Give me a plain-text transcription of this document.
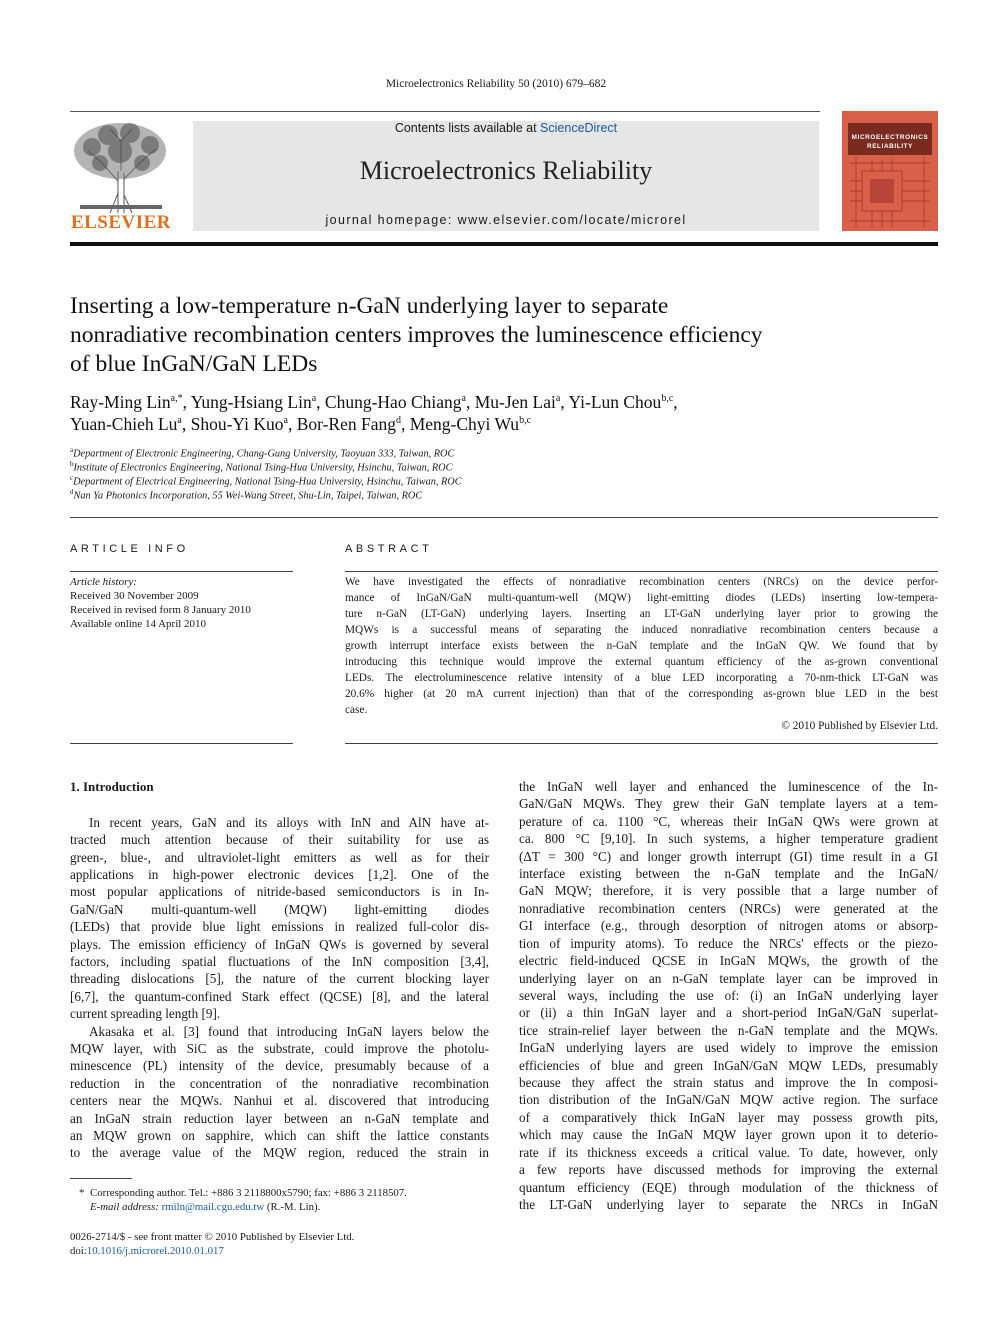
Microelectronics Reliability 50 (2010) 679–682
ELSEVIER
Contents lists available at ScienceDirect
Microelectronics Reliability
journal homepage: www.elsevier.com/locate/microrel
MICROELECTRONICS
RELIABILITY
Inserting a low-temperature n-GaN underlying layer to separate
nonradiative recombination centers improves the luminescence efficiency
of blue InGaN/GaN LEDs
Ray-Ming Lin$^{a,*}$, Yung-Hsiang Lin$^a$, Chung-Hao Chiang$^a$, Mu-Jen Lai$^a$, Yi-Lun Chou$^{b,c}$,
Yuan-Chieh Lu$^a$, Shou-Yi Kuo$^a$, Bor-Ren Fang$^d$, Meng-Chyi Wu$^{b,c}$
$^a$Department of Electronic Engineering, Chang-Gung University, Taoyuan 333, Taiwan, ROC
$^b$Institute of Electronics Engineering, National Tsing-Hua University, Hsinchu, Taiwan, ROC
$^c$Department of Electrical Engineering, National Tsing-Hua University, Hsinchu, Taiwan, ROC
$^d$Nan Ya Photonics Incorporation, 55 Wei-Wang Street, Shu-Lin, Taipei, Taiwan, ROC
ARTICLE INFO
Article history:
Received 30 November 2009
Received in revised form 8 January 2010
Available online 14 April 2010
ABSTRACT
We have investigated the effects of nonradiative recombination centers (NRCs) on the device perfor-
mance of InGaN/GaN multi-quantum-well (MQW) light-emitting diodes (LEDs) inserting low-tempera-
ture n-GaN (LT-GaN) underlying layers. Inserting an LT-GaN underlying layer prior to growing the
MQWs is a successful means of separating the induced nonradiative recombination centers because a
growth interrupt interface exists between the n-GaN template and the InGaN QW. We found that by
introducing this technique would improve the external quantum efficiency of the as-grown conventional
LEDs. The electroluminescence relative intensity of a blue LED incorporating a 70-nm-thick LT-GaN was
20.6% higher (at 20 mA current injection) than that of the corresponding as-grown blue LED in the best
case.
© 2010 Published by Elsevier Ltd.
1. Introduction
In recent years, GaN and its alloys with InN and AlN have at-
tracted much attention because of their suitability for use as
green-, blue-, and ultraviolet-light emitters as well as for their
applications in high-power electronic devices [1,2]. One of the
most popular applications of nitride-based semiconductors is in In-
GaN/GaN multi-quantum-well (MQW) light-emitting diodes
(LEDs) that provide blue light emissions in realized full-color dis-
plays. The emission efficiency of InGaN QWs is governed by several
factors, including spatial fluctuations of the InN composition [3,4],
threading dislocations [5], the nature of the current blocking layer
[6,7], the quantum-confined Stark effect (QCSE) [8], and the lateral
current spreading length [9].
Akasaka et al. [3] found that introducing InGaN layers below the
MQW layer, with SiC as the substrate, could improve the photolu-
minescence (PL) intensity of the device, presumably because of a
reduction in the concentration of the nonradiative recombination
centers near the MQWs. Nanhui et al. discovered that introducing
an InGaN strain reduction layer between an n-GaN template and
an MQW grown on sapphire, which can shift the lattice constants
to the average value of the MQW region, reduced the strain in
the InGaN well layer and enhanced the luminescence of the In-
GaN/GaN MQWs. They grew their GaN template layers at a tem-
perature of ca. 1100 °C, whereas their InGaN QWs were grown at
ca. 800 °C [9,10]. In such systems, a higher temperature gradient
(ΔT = 300 °C) and longer growth interrupt (GI) time result in a GI
interface existing between the n-GaN template and the InGaN/
GaN MQW; therefore, it is very possible that a large number of
nonradiative recombination centers (NRCs) were generated at the
GI interface (e.g., through desorption of nitrogen atoms or absorp-
tion of impurity atoms). To reduce the NRCs' effects or the piezo-
electric field-induced QCSE in InGaN MQWs, the growth of the
underlying layer on an n-GaN template layer can be improved in
several ways, including the use of: (i) an InGaN underlying layer
or (ii) a thin InGaN layer and a short-period InGaN/GaN superlat-
tice strain-relief layer between the n-GaN template and the MQWs.
InGaN underlying layers are used widely to improve the emission
efficiencies of blue and green InGaN/GaN MQW LEDs, presumably
because they affect the strain status and improve the In composi-
tion distribution of the InGaN/GaN MQW active region. The surface
of a comparatively thick InGaN layer may possess growth pits,
which may cause the InGaN MQW layer grown upon it to deterio-
rate if its thickness exceeds a critical value. To date, however, only
a few reports have discussed methods for improving the external
quantum efficiency (EQE) through modulation of the thickness of
the LT-GaN underlying layer to separate the NRCs in InGaN
* Corresponding author. Tel.: +886 3 2118800x5790; fax: +886 3 2118507.
E-mail address: rmiln@mail.cgu.edu.tw (R.-M. Lin).
0026-2714/$ - see front matter © 2010 Published by Elsevier Ltd.
doi:10.1016/j.microrel.2010.01.017
